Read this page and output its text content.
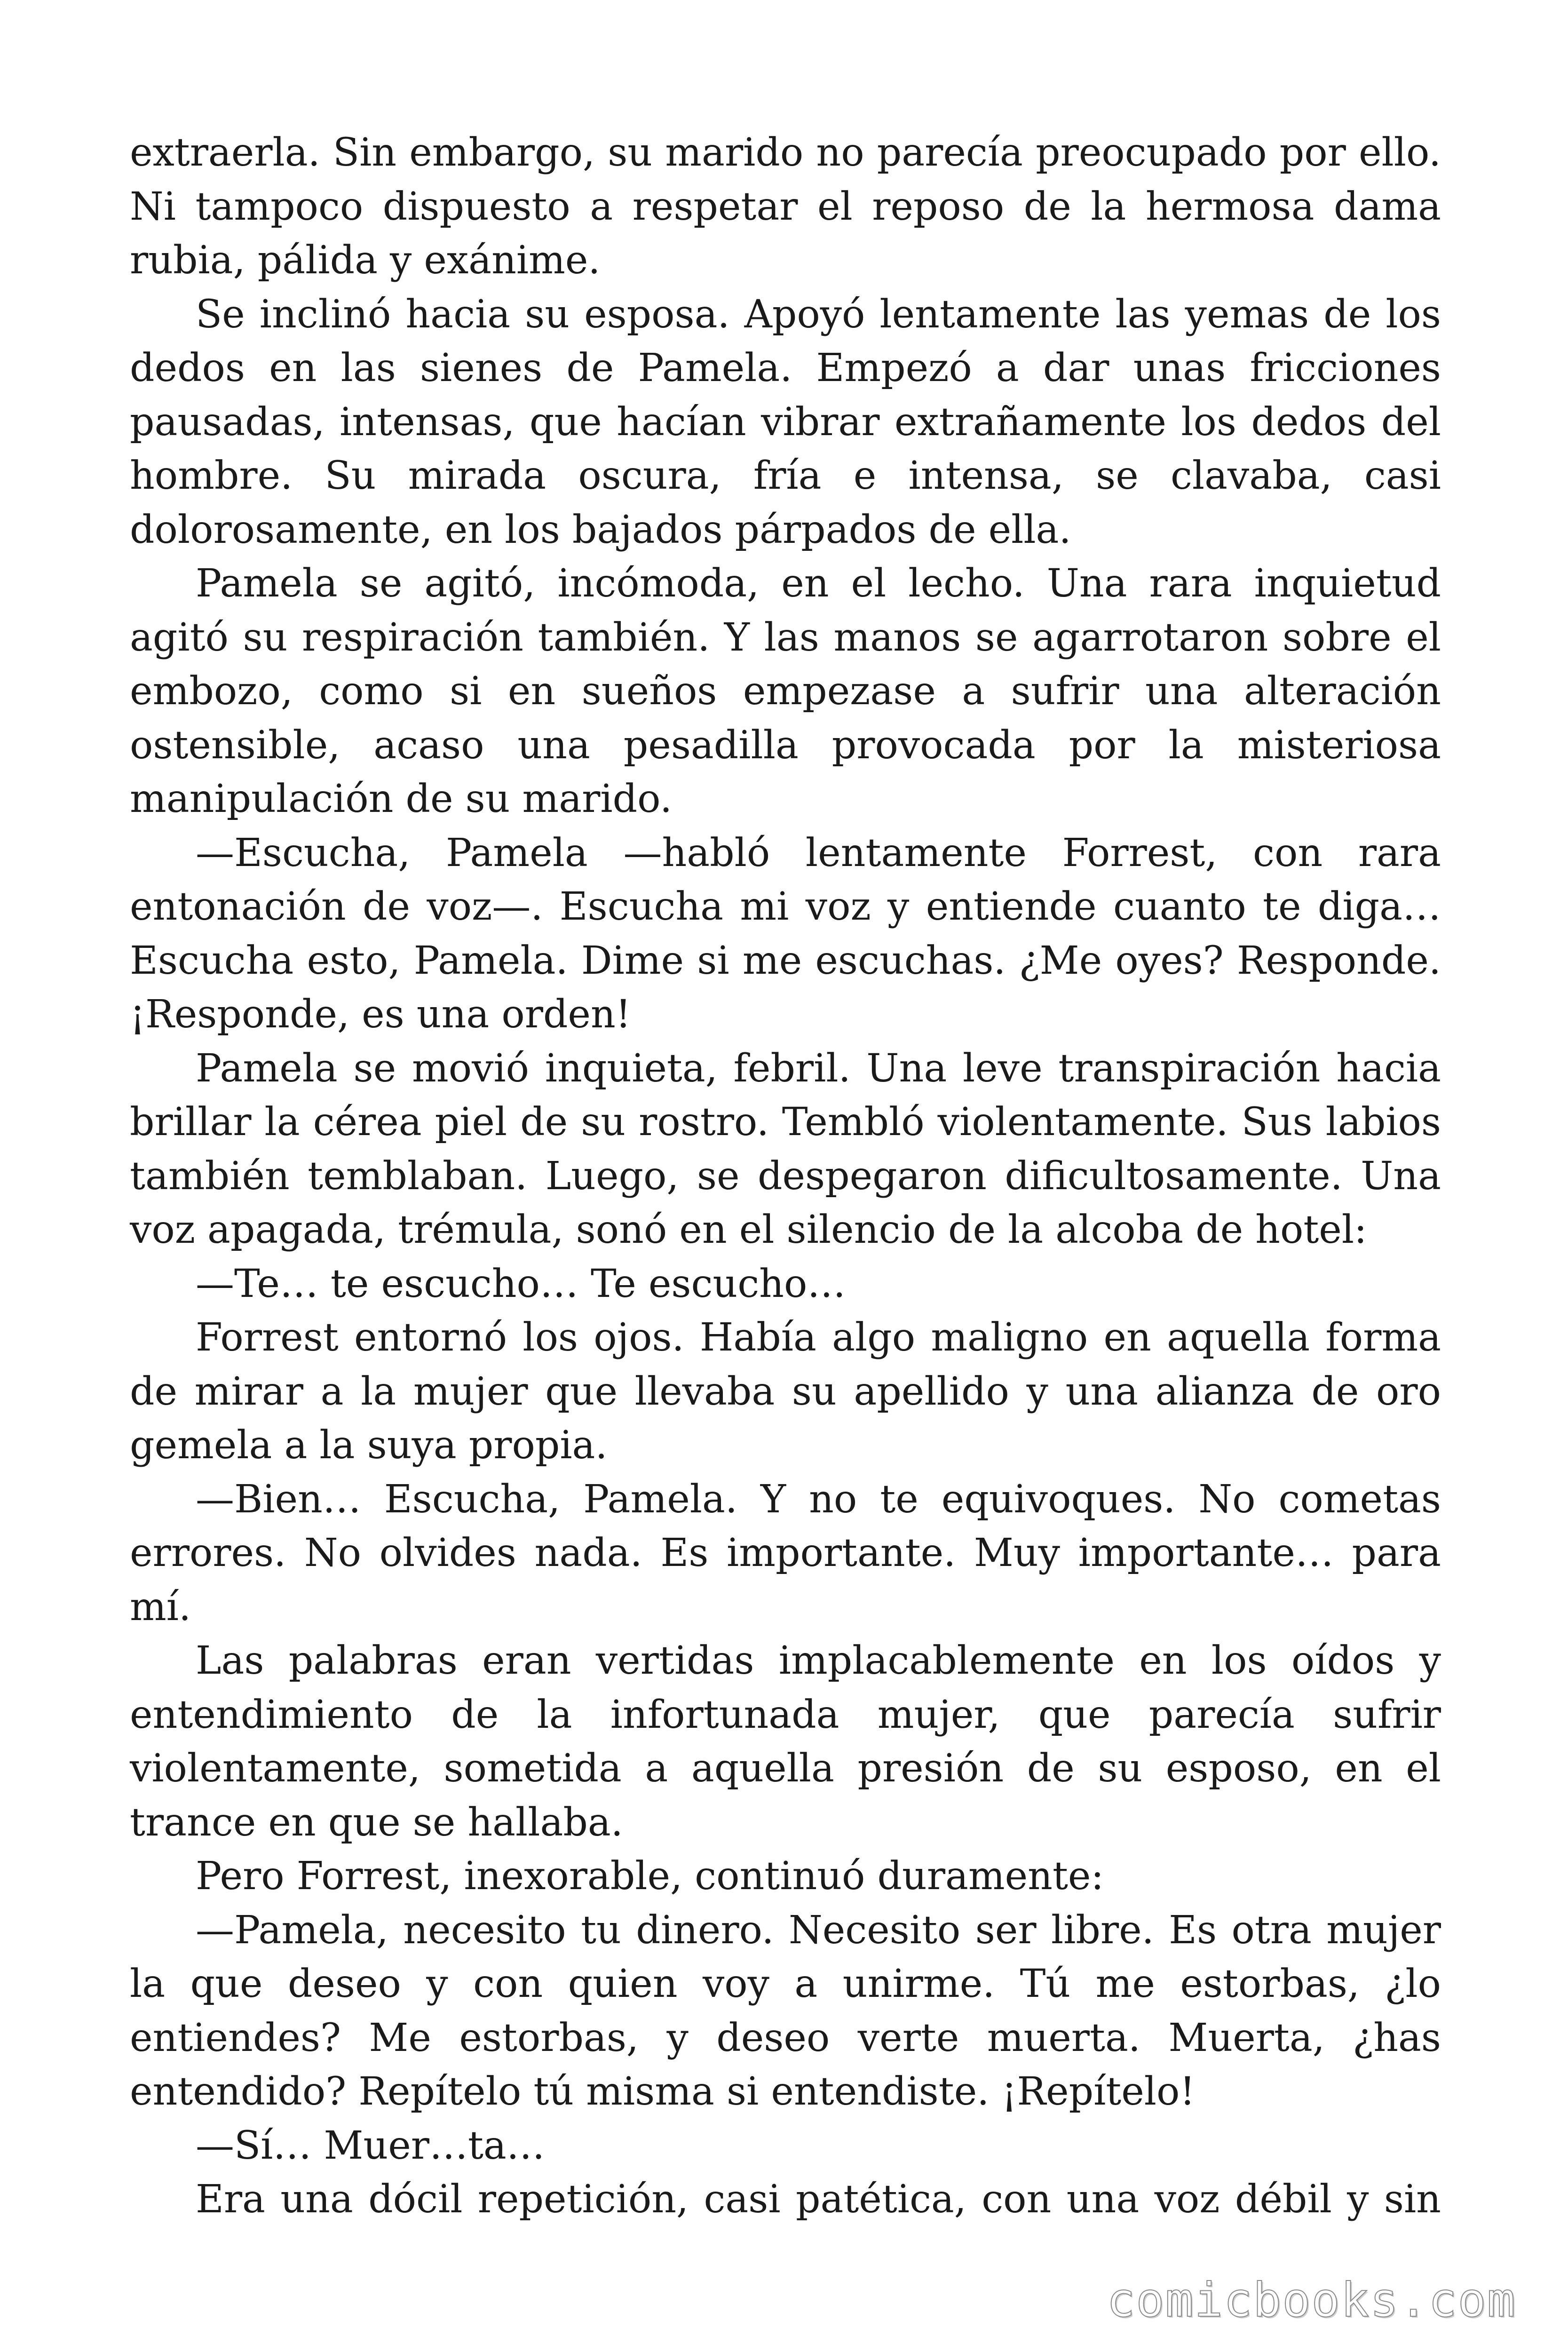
extraerla. Sin embargo, su marido no parecía preocupado por ello. Ni tampoco dispuesto a respetar el reposo de la hermosa dama rubia, pálida y exánime.

Se inclinó hacia su esposa. Apoyó lentamente las yemas de los dedos en las sienes de Pamela. Empezó a dar unas fricciones pausadas, intensas, que hacían vibrar extrañamente los dedos del hombre. Su mirada oscura, fría e intensa, se clavaba, casi dolorosamente, en los bajados párpados de ella.

Pamela se agitó, incómoda, en el lecho. Una rara inquietud agitó su respiración también. Y las manos se agarrotaron sobre el embozo, como si en sueños empezase a sufrir una alteración ostensible, acaso una pesadilla provocada por la misteriosa manipulación de su marido.

—Escucha, Pamela —habló lentamente Forrest, con rara entonación de voz—. Escucha mi voz y entiende cuanto te diga… Escucha esto, Pamela. Dime si me escuchas. ¿Me oyes? Responde. ¡Responde, es una orden!

Pamela se movió inquieta, febril. Una leve transpiración hacia brillar la cérea piel de su rostro. Tembló violentamente. Sus labios también temblaban. Luego, se despegaron dificultosamente. Una voz apagada, trémula, sonó en el silencio de la alcoba de hotel:

—Te… te escucho… Te escucho…

Forrest entornó los ojos. Había algo maligno en aquella forma de mirar a la mujer que llevaba su apellido y una alianza de oro gemela a la suya propia.

—Bien… Escucha, Pamela. Y no te equivoques. No cometas errores. No olvides nada. Es importante. Muy importante… para mí.

Las palabras eran vertidas implacablemente en los oídos y entendimiento de la infortunada mujer, que parecía sufrir violentamente, sometida a aquella presión de su esposo, en el trance en que se hallaba.

Pero Forrest, inexorable, continuó duramente:

—Pamela, necesito tu dinero. Necesito ser libre. Es otra mujer la que deseo y con quien voy a unirme. Tú me estorbas, ¿lo entiendes? Me estorbas, y deseo verte muerta. Muerta, ¿has entendido? Repítelo tú misma si entendiste. ¡Repítelo!

—Sí… Muer…ta…

Era una dócil repetición, casi patética, con una voz débil y sin

comicbooks.com
